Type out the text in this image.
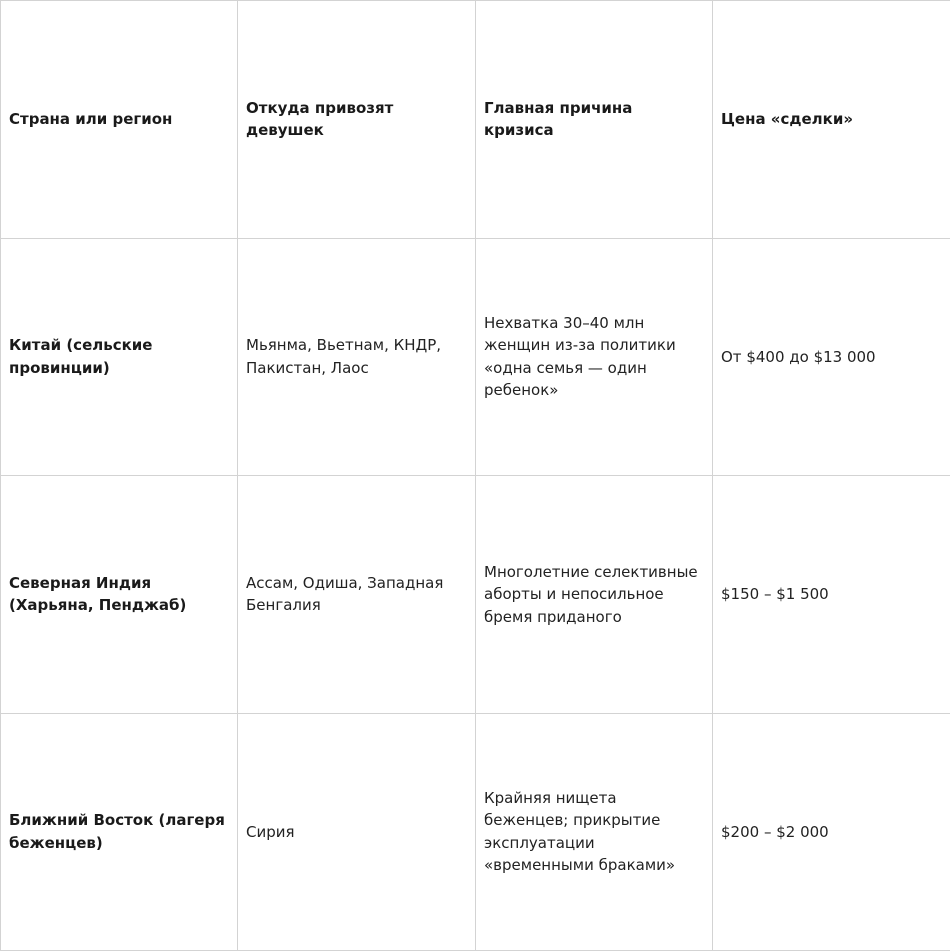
Страна или регион	Откуда привозят девушек	Главная причина кризиса	Цена «сделки»
Китай (сельские провинции)	Мьянма, Вьетнам, КНДР, Пакистан, Лаос	Нехватка 30–40 млн женщин из-за политики «одна семья — один ребенок»	От $400 до $13 000
Северная Индия (Харьяна, Пенджаб)	Ассам, Одиша, Западная Бенгалия	Многолетние селективные аборты и непосильное бремя приданого	$150 – $1 500
Ближний Восток (лагеря беженцев)	Сирия	Крайняя нищета беженцев; прикрытие эксплуатации «временными браками»	$200 – $2 000
